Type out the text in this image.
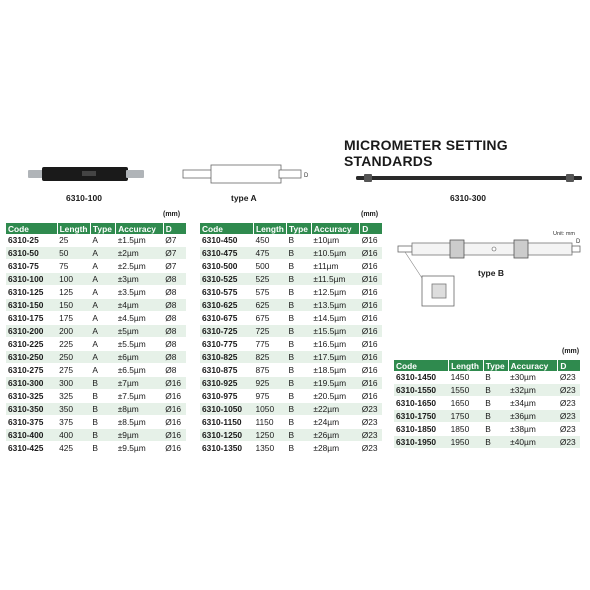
MICROMETER SETTING STANDARDS
6310-100
D
type A	6310-300
Unit: mm
D
type B
(mm)
Code	Length	Type	Accuracy	D
6310-25	25	A	±1.5µm	Ø7
6310-50	50	A	±2µm	Ø7
6310-75	75	A	±2.5µm	Ø7
6310-100	100	A	±3µm	Ø8
6310-125	125	A	±3.5µm	Ø8
6310-150	150	A	±4µm	Ø8
6310-175	175	A	±4.5µm	Ø8
6310-200	200	A	±5µm	Ø8
6310-225	225	A	±5.5µm	Ø8
6310-250	250	A	±6µm	Ø8
6310-275	275	A	±6.5µm	Ø8
6310-300	300	B	±7µm	Ø16
6310-325	325	B	±7.5µm	Ø16
6310-350	350	B	±8µm	Ø16
6310-375	375	B	±8.5µm	Ø16
6310-400	400	B	±9µm	Ø16
6310-425	425	B	±9.5µm	Ø16
(mm)
Code	Length	Type	Accuracy	D
6310-450	450	B	±10µm	Ø16
6310-475	475	B	±10.5µm	Ø16
6310-500	500	B	±11µm	Ø16
6310-525	525	B	±11.5µm	Ø16
6310-575	575	B	±12.5µm	Ø16
6310-625	625	B	±13.5µm	Ø16
6310-675	675	B	±14.5µm	Ø16
6310-725	725	B	±15.5µm	Ø16
6310-775	775	B	±16.5µm	Ø16
6310-825	825	B	±17.5µm	Ø16
6310-875	875	B	±18.5µm	Ø16
6310-925	925	B	±19.5µm	Ø16
6310-975	975	B	±20.5µm	Ø16
6310-1050	1050	B	±22µm	Ø23
6310-1150	1150	B	±24µm	Ø23
6310-1250	1250	B	±26µm	Ø23
6310-1350	1350	B	±28µm	Ø23
(mm)
Code	Length	Type	Accuracy	D
6310-1450	1450	B	±30µm	Ø23
6310-1550	1550	B	±32µm	Ø23
6310-1650	1650	B	±34µm	Ø23
6310-1750	1750	B	±36µm	Ø23
6310-1850	1850	B	±38µm	Ø23
6310-1950	1950	B	±40µm	Ø23
